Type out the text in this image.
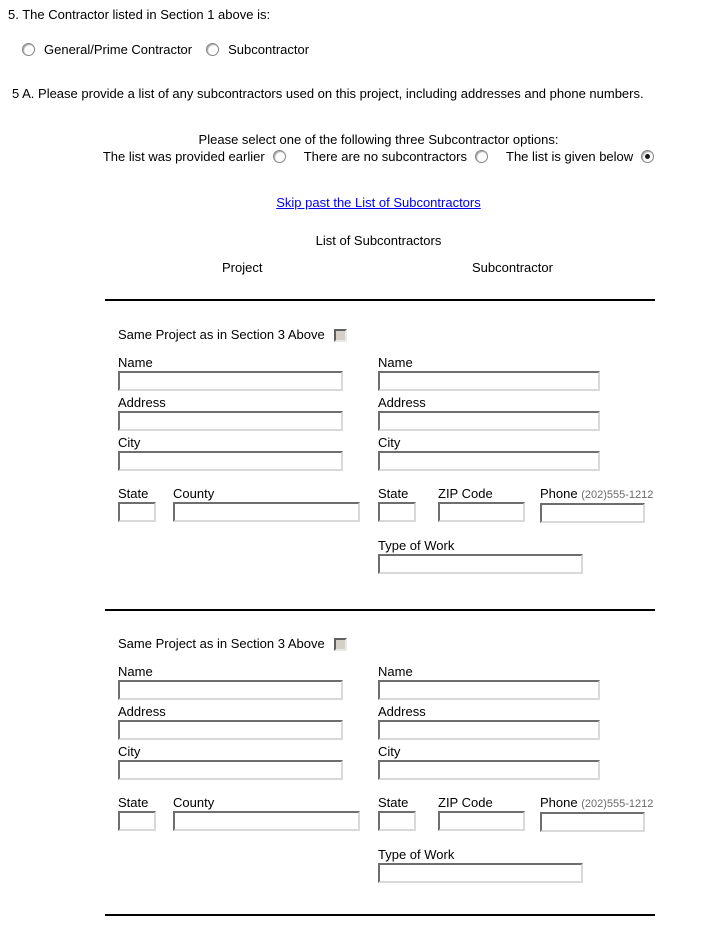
5. The Contractor listed in Section 1 above is:
General/Prime Contractor	Subcontractor
5 A. Please provide a list of any subcontractors used on this project, including addresses and phone numbers.
Please select one of the following three Subcontractor options:
The list was provided earlier	There are no subcontractors	The list is given below
Skip past the List of Subcontractors
List of Subcontractors
Project	Subcontractor
Same Project as in Section 3 Above
Name	Name
Address	Address
City	City
State	County	State	ZIP Code	Phone (202)555-1212
Type of Work
Same Project as in Section 3 Above
Name	Name
Address	Address
City	City
State	County	State	ZIP Code	Phone (202)555-1212
Type of Work
